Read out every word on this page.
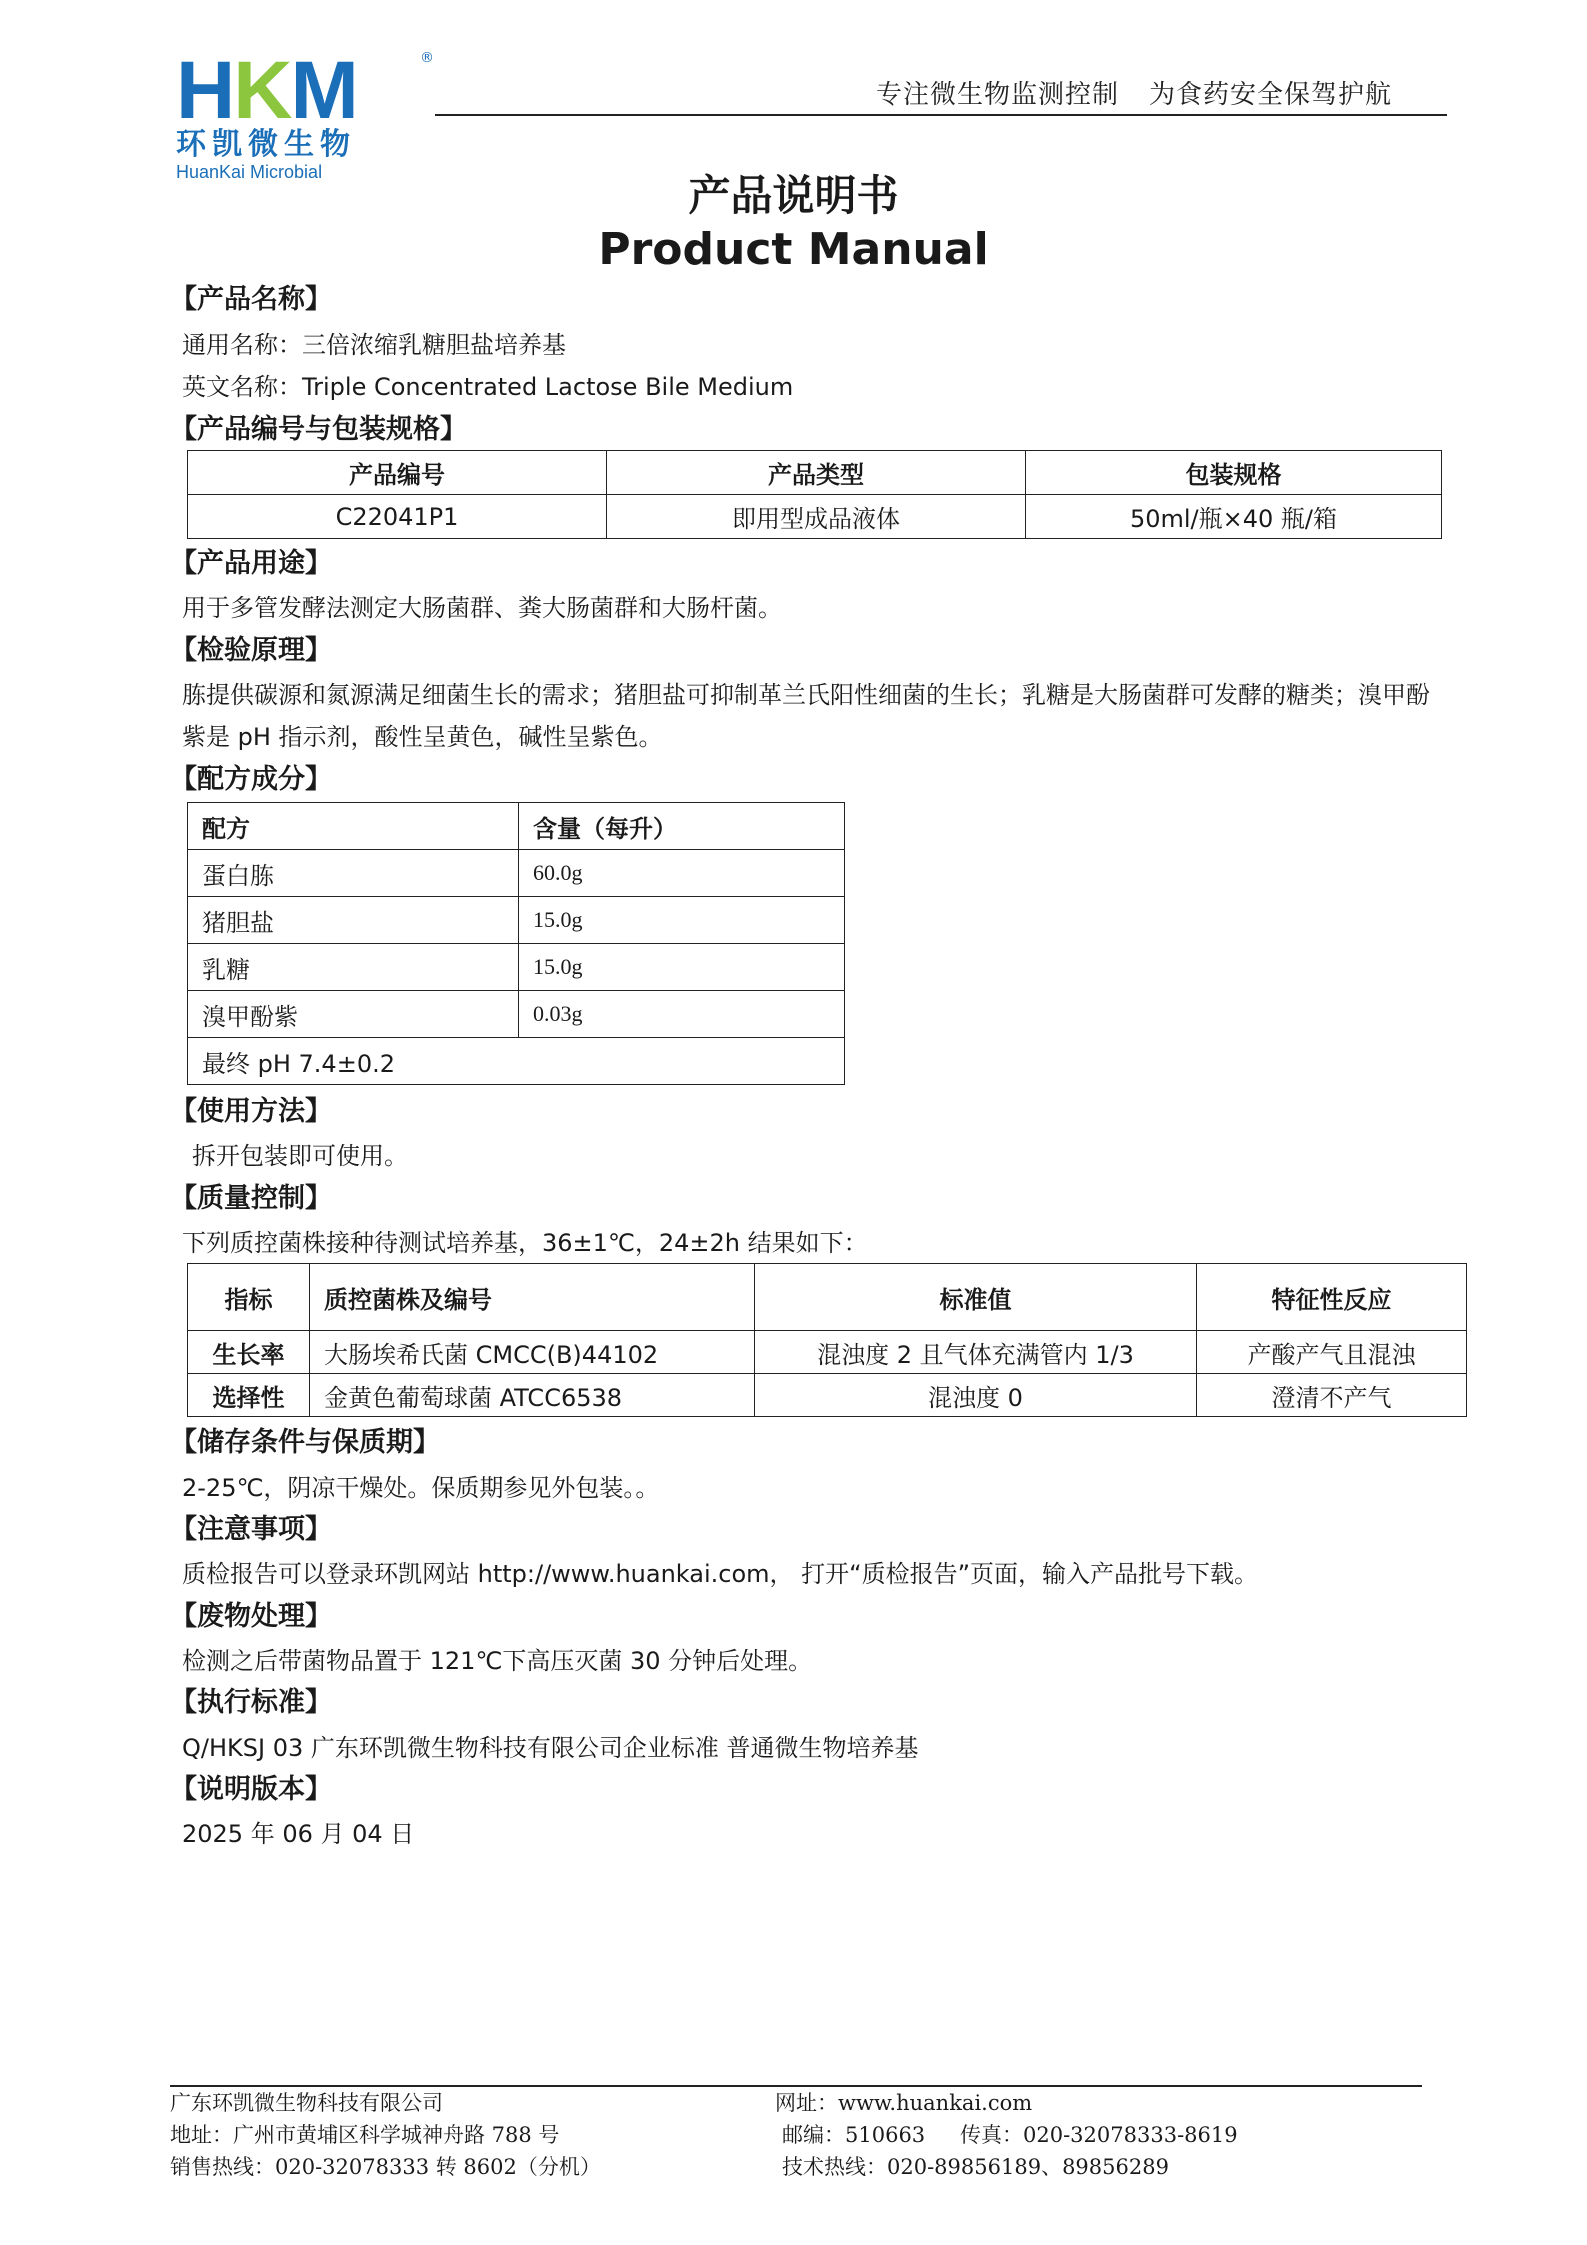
HKM	®
环凯微生物
HuanKai Microbial
专注微生物监测控制 为食药安全保驾护航
产品说明书
Product Manual
【产品名称】
通用名称：三倍浓缩乳糖胆盐培养基
英文名称：Triple Concentrated Lactose Bile Medium
【产品编号与包装规格】
产品编号	产品类型	包装规格
C22041P1	即用型成品液体	50ml/瓶×40 瓶/箱
【产品用途】
用于多管发酵法测定大肠菌群、粪大肠菌群和大肠杆菌。
【检验原理】
胨提供碳源和氮源满足细菌生长的需求；猪胆盐可抑制革兰氏阳性细菌的生长；乳糖是大肠菌群可发酵的糖类；溴甲酚
紫是 pH 指示剂，酸性呈黄色，碱性呈紫色。
【配方成分】
配方	含量（每升）
蛋白胨	60.0g
猪胆盐	15.0g
乳糖	15.0g
溴甲酚紫	0.03g
最终 pH 7.4±0.2	
【使用方法】
拆开包装即可使用。
【质量控制】
下列质控菌株接种待测试培养基，36±1℃，24±2h 结果如下：
指标	质控菌株及编号	标准值	特征性反应
生长率	大肠埃希氏菌 CMCC(B)44102	混浊度 2 且气体充满管内 1/3	产酸产气且混浊
选择性	金黄色葡萄球菌 ATCC6538	混浊度 0	澄清不产气
【储存条件与保质期】
2-25℃，阴凉干燥处。保质期参见外包装。。
【注意事项】
质检报告可以登录环凯网站 http://www.huankai.com， 打开“质检报告”页面，输入产品批号下载。
【废物处理】
检测之后带菌物品置于 121℃下高压灭菌 30 分钟后处理。
【执行标准】
Q/HKSJ 03 广东环凯微生物科技有限公司企业标准 普通微生物培养基
【说明版本】
2025 年 06 月 04 日
广东环凯微生物科技有限公司
地址：广州市黄埔区科学城神舟路 788 号
销售热线：020-32078333 转 8602（分机）
网址：www.huankai.com
邮编：510663 传真：020-32078333-8619
技术热线：020-89856189、89856289
